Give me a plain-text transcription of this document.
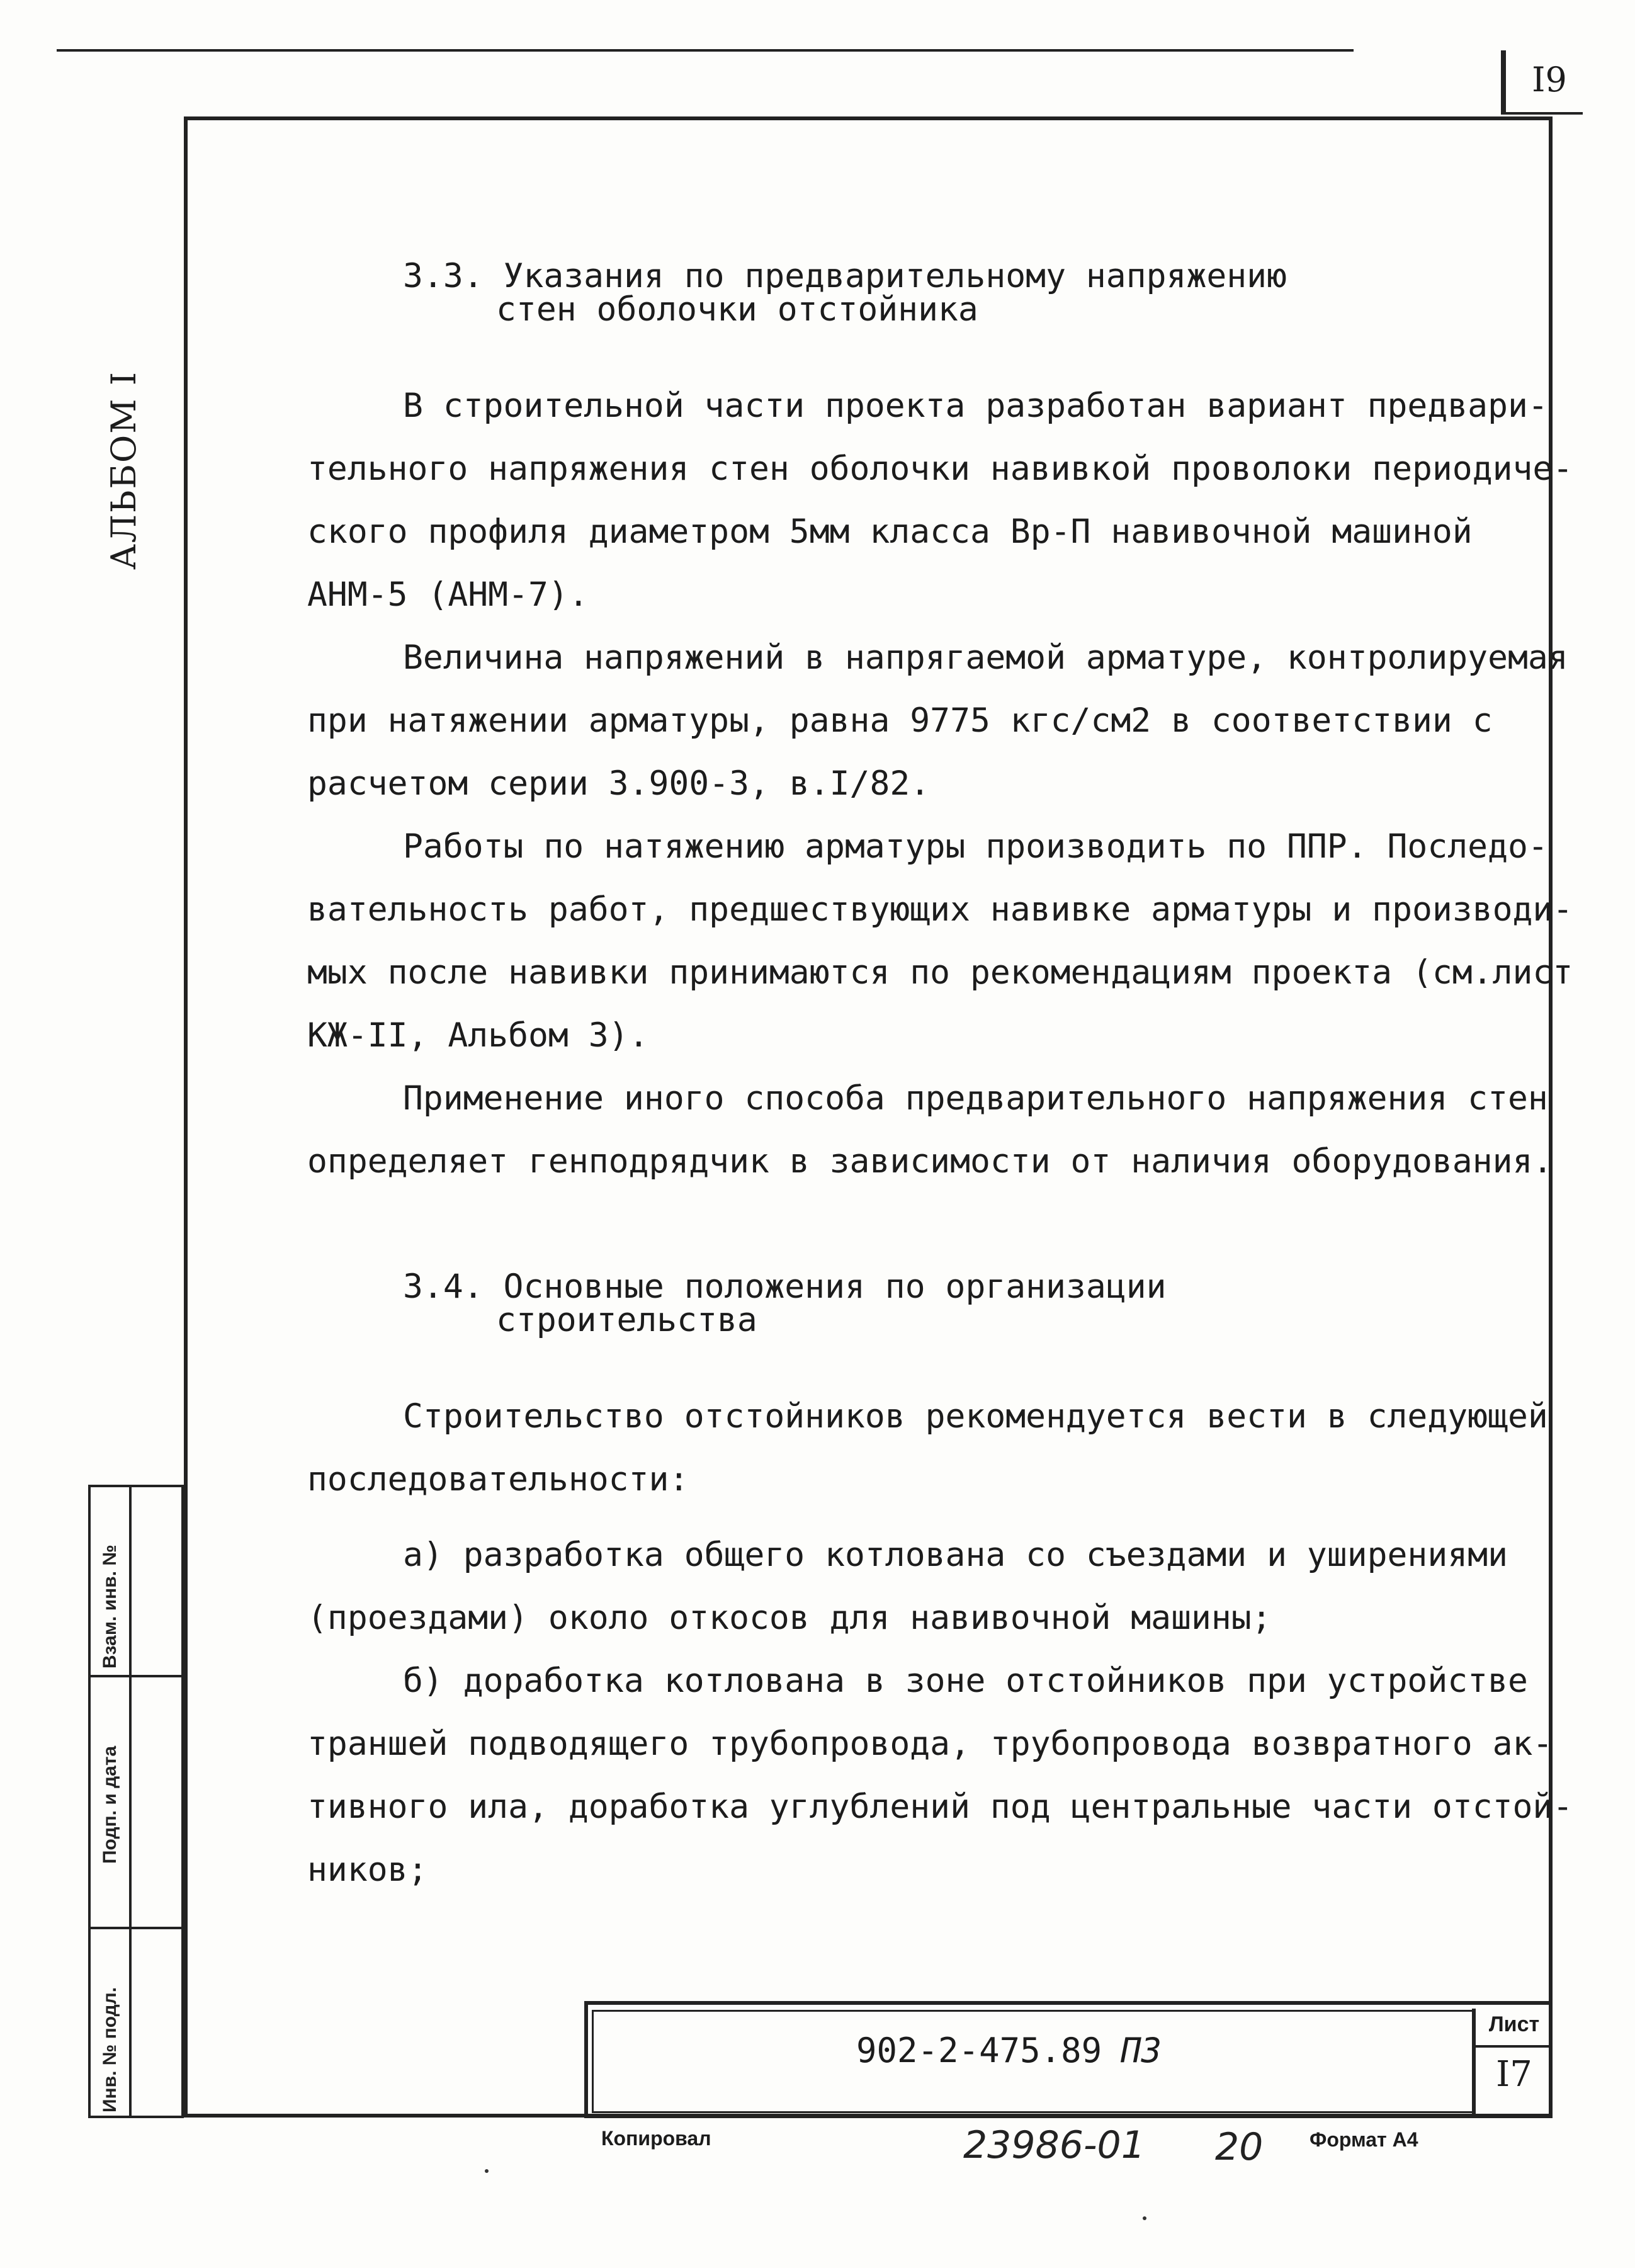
I9
АЛЬБОМ I
Взам. инв. №
Подп. и дата
Инв. № подл.
3.3. Указания по предварительному напряжению
стен оболочки отстойника
В строительной части проекта разработан вариант предвари-
тельного напряжения стен оболочки навивкой проволоки периодиче-
ского профиля диаметром 5мм класса Вр-П навивочной машиной
АНМ-5 (АНМ-7).
Величина напряжений в напрягаемой арматуре, контролируемая
при натяжении арматуры, равна 9775 кгс/см2 в соответствии с
расчетом серии 3.900-3, в.I/82.
Работы по натяжению арматуры производить по ППР. Последо-
вательность работ, предшествующих навивке арматуры и производи-
мых после навивки принимаются по рекомендациям проекта (см.лист
КЖ-II, Альбом 3).
Применение иного способа предварительного напряжения стен
определяет генподрядчик в зависимости от наличия оборудования.
3.4. Основные положения по организации
строительства
Строительство отстойников рекомендуется вести в следующей
последовательности:
а) разработка общего котлована со съездами и уширениями
(проездами) около откосов для навивочной машины;
б) доработка котлована в зоне отстойников при устройстве
траншей подводящего трубопровода, трубопровода возвратного ак-
тивного ила, доработка углублений под центральные части отстой-
ников;
902-2-475.89 ПЗ
Лист
I7
Копировал	23986-01 20 Формат А4
